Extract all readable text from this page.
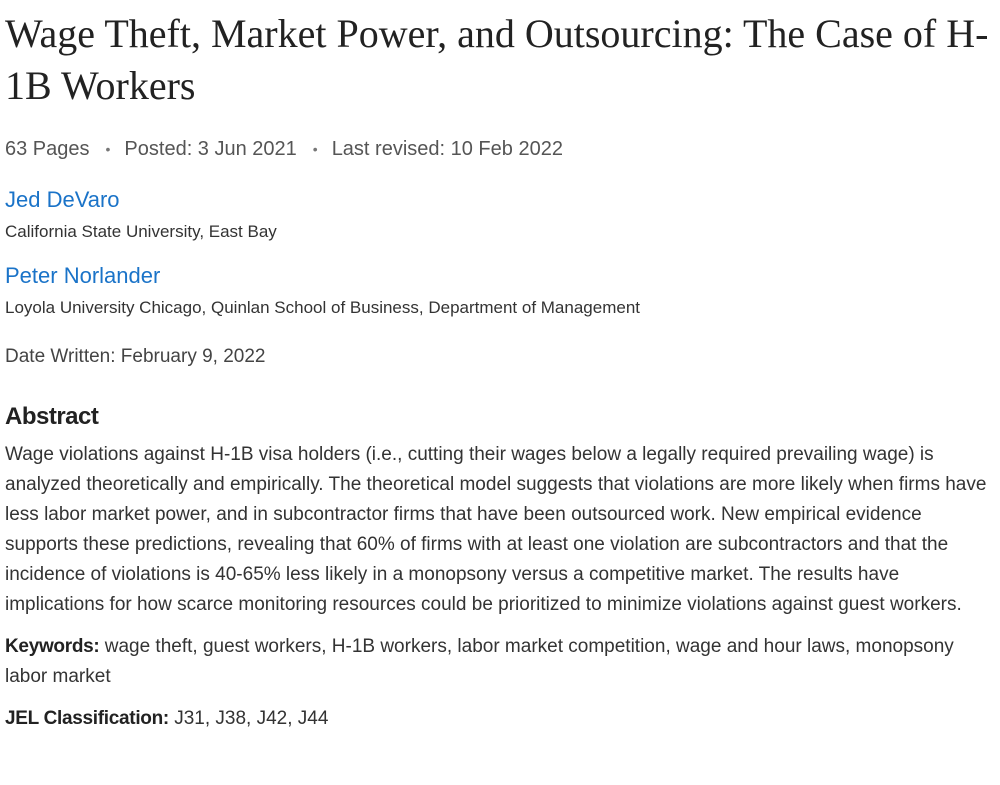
Wage Theft, Market Power, and Outsourcing: The Case of H-1B Workers
63 Pages • Posted: 3 Jun 2021 • Last revised: 10 Feb 2022
Jed DeVaro
California State University, East Bay
Peter Norlander
Loyola University Chicago, Quinlan School of Business, Department of Management
Date Written: February 9, 2022
Abstract
Wage violations against H-1B visa holders (i.e., cutting their wages below a legally required prevailing wage) is analyzed theoretically and empirically. The theoretical model suggests that violations are more likely when firms have less labor market power, and in subcontractor firms that have been outsourced work. New empirical evidence supports these predictions, revealing that 60% of firms with at least one violation are subcontractors and that the incidence of violations is 40-65% less likely in a monopsony versus a competitive market. The results have implications for how scarce monitoring resources could be prioritized to minimize violations against guest workers.
Keywords: wage theft, guest workers, H-1B workers, labor market competition, wage and hour laws, monopsony labor market
JEL Classification: J31, J38, J42, J44
